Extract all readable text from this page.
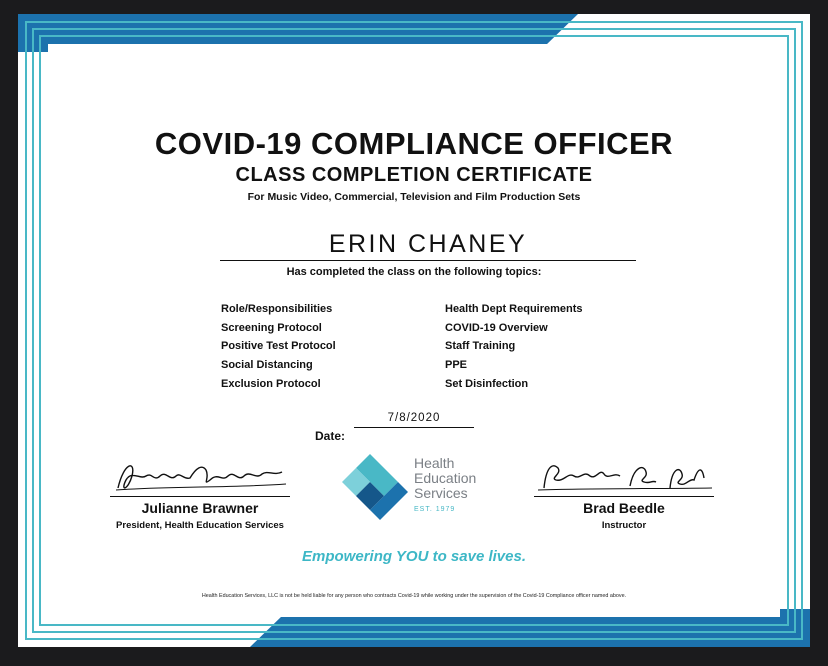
COVID-19 COMPLIANCE OFFICER
CLASS COMPLETION CERTIFICATE
For Music Video, Commercial, Television and Film Production Sets
ERIN CHANEY
Has completed the class on the following topics:
Role/Responsibilities
Screening Protocol
Positive Test Protocol
Social Distancing
Exclusion Protocol
Health Dept Requirements
COVID-19 Overview
Staff Training
PPE
Set Disinfection
Date:
7/8/2020
Julianne Brawner
President, Health Education Services
Health
Education
Services
EST. 1979	Brad Beedle
Instructor
Empowering YOU to save lives.
Health Education Services, LLC is not be held liable for any person who contracts Covid-19 while working under the supervision of the Covid-19 Compliance officer named above.
